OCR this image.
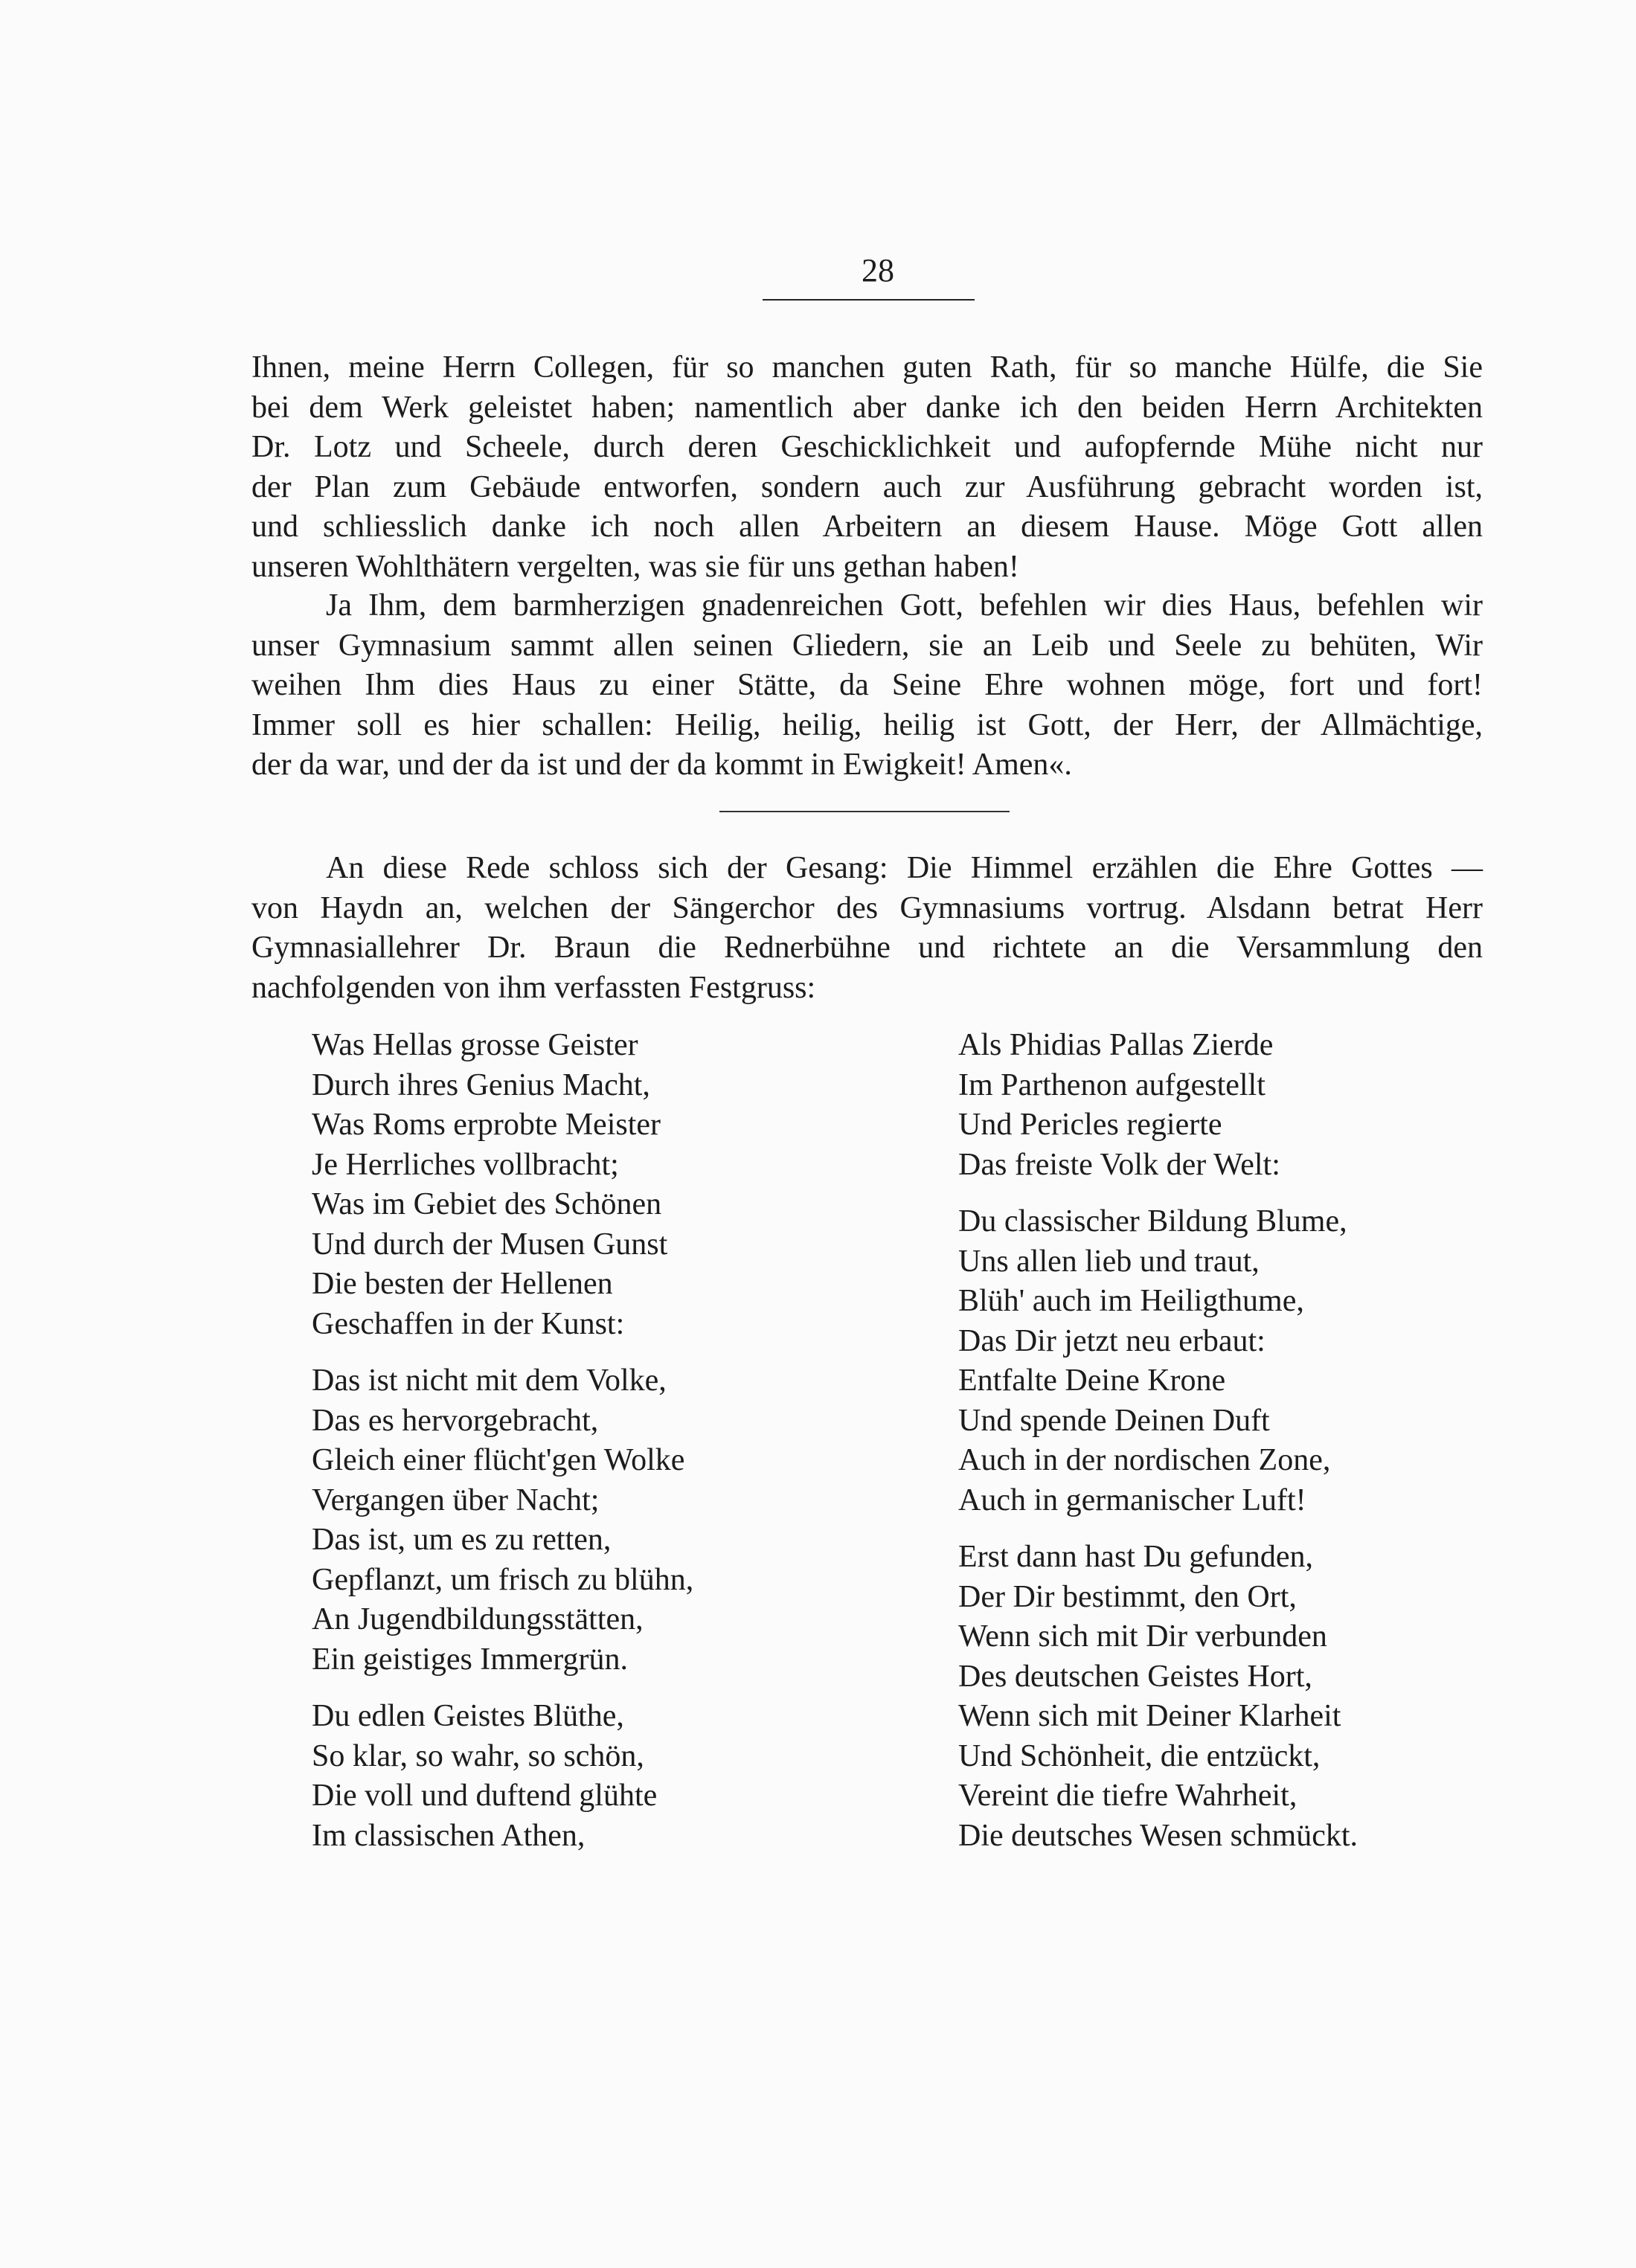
28
Ihnen, meine Herrn Collegen, für so manchen guten Rath, für so manche Hülfe, die Sie
bei dem Werk geleistet haben; namentlich aber danke ich den beiden Herrn Architekten
Dr. Lotz und Scheele, durch deren Geschicklichkeit und aufopfernde Mühe nicht nur
der Plan zum Gebäude entworfen, sondern auch zur Ausführung gebracht worden ist,
und schliesslich danke ich noch allen Arbeitern an diesem Hause. Möge Gott allen
unseren Wohlthätern vergelten, was sie für uns gethan haben!
Ja Ihm, dem barmherzigen gnadenreichen Gott, befehlen wir dies Haus, befehlen wir
unser Gymnasium sammt allen seinen Gliedern, sie an Leib und Seele zu behüten, Wir
weihen Ihm dies Haus zu einer Stätte, da Seine Ehre wohnen möge, fort und fort!
Immer soll es hier schallen: Heilig, heilig, heilig ist Gott, der Herr, der Allmächtige,
der da war, und der da ist und der da kommt in Ewigkeit! Amen«.
An diese Rede schloss sich der Gesang: Die Himmel erzählen die Ehre Gottes —
von Haydn an, welchen der Sängerchor des Gymnasiums vortrug. Alsdann betrat Herr
Gymnasiallehrer Dr. Braun die Rednerbühne und richtete an die Versammlung den
nachfolgenden von ihm verfassten Festgruss:
Was Hellas grosse Geister
Durch ihres Genius Macht,
Was Roms erprobte Meister
Je Herrliches vollbracht;
Was im Gebiet des Schönen
Und durch der Musen Gunst
Die besten der Hellenen
Geschaffen in der Kunst:
Das ist nicht mit dem Volke,
Das es hervorgebracht,
Gleich einer flücht'gen Wolke
Vergangen über Nacht;
Das ist, um es zu retten,
Gepflanzt, um frisch zu blühn,
An Jugendbildungsstätten,
Ein geistiges Immergrün.
Du edlen Geistes Blüthe,
So klar, so wahr, so schön,
Die voll und duftend glühte
Im classischen Athen,
Als Phidias Pallas Zierde
Im Parthenon aufgestellt
Und Pericles regierte
Das freiste Volk der Welt:
Du classischer Bildung Blume,
Uns allen lieb und traut,
Blüh' auch im Heiligthume,
Das Dir jetzt neu erbaut:
Entfalte Deine Krone
Und spende Deinen Duft
Auch in der nordischen Zone,
Auch in germanischer Luft!
Erst dann hast Du gefunden,
Der Dir bestimmt, den Ort,
Wenn sich mit Dir verbunden
Des deutschen Geistes Hort,
Wenn sich mit Deiner Klarheit
Und Schönheit, die entzückt,
Vereint die tiefre Wahrheit,
Die deutsches Wesen schmückt.
